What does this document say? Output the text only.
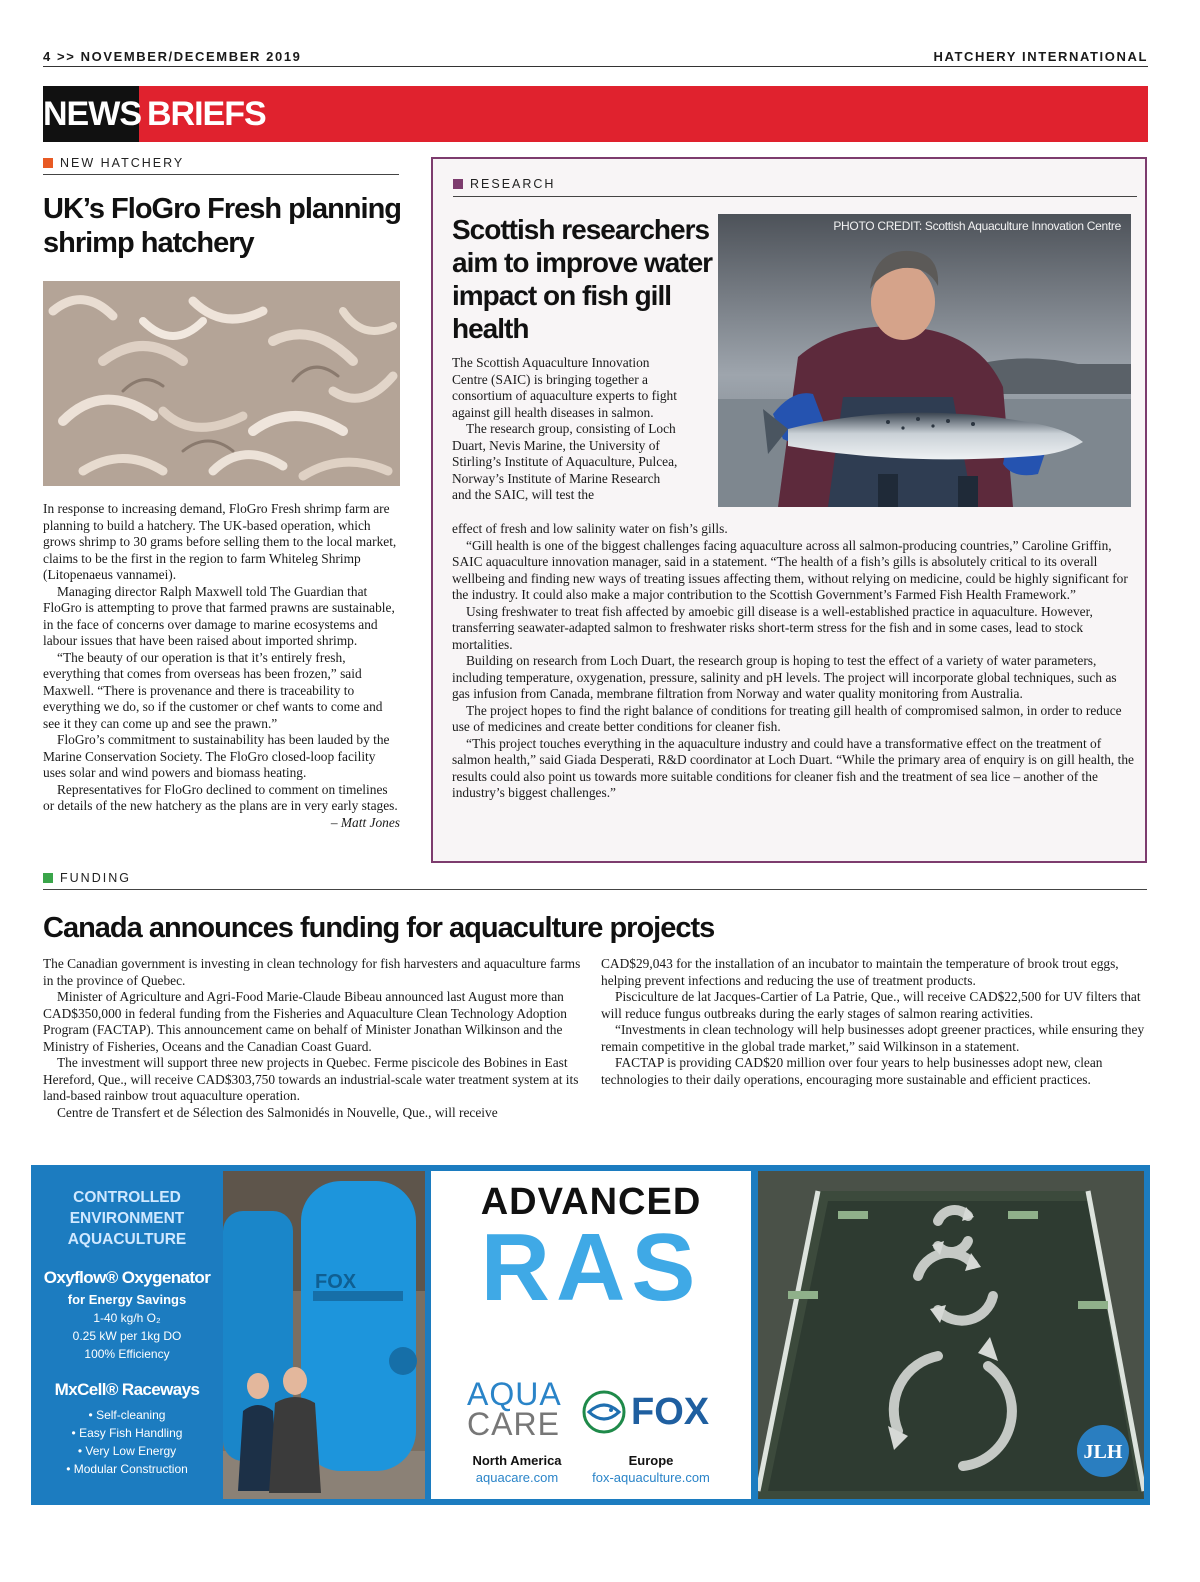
4 >> NOVEMBER/DECEMBER 2019	HATCHERY INTERNATIONAL
NEWS BRIEFS
NEW HATCHERY
UK’s FloGro Fresh planning
shrimp hatchery

In response to increasing demand, FloGro Fresh shrimp farm are planning to build a hatchery. The UK-based operation, which grows shrimp to 30 grams before selling them to the local market, claims to be the first in the region to farm Whiteleg Shrimp (Litopenaeus vannamei).

Managing director Ralph Maxwell told The Guardian that FloGro is attempting to prove that farmed prawns are sustainable, in the face of concerns over damage to marine ecosystems and labour issues that have been raised about imported shrimp.

“The beauty of our operation is that it’s entirely fresh, everything that comes from overseas has been frozen,” said Maxwell. “There is provenance and there is traceability to everything we do, so if the customer or chef wants to come and see it they can come up and see the prawn.”

FloGro’s commitment to sustainability has been lauded by the Marine Conservation Society. The FloGro closed-loop facility uses solar and wind powers and biomass heating.

Representatives for FloGro declined to comment on timelines or details of the new hatchery as the plans are in very early stages.

– Matt Jones

RESEARCH
Scottish researchers
aim to improve water
impact on fish gill
health
PHOTO CREDIT: Scottish Aquaculture Innovation Centre

The Scottish Aquaculture Innovation Centre (SAIC) is bringing together a consortium of aquaculture experts to fight against gill health diseases in salmon.

The research group, consisting of Loch Duart, Nevis Marine, the University of Stirling’s Institute of Aquaculture, Pulcea, Norway’s Institute of Marine Research and the SAIC, will test the

effect of fresh and low salinity water on fish’s gills.

“Gill health is one of the biggest challenges facing aquaculture across all salmon-producing countries,” Caroline Griffin, SAIC aquaculture innovation manager, said in a statement. “The health of a fish’s gills is absolutely critical to its overall wellbeing and finding new ways of treating issues affecting them, without relying on medicine, could be highly significant for the industry. It could also make a major contribution to the Scottish Government’s Farmed Fish Health Framework.”

Using freshwater to treat fish affected by amoebic gill disease is a well-established practice in aquaculture. However, transferring seawater-adapted salmon to freshwater risks short-term stress for the fish and in some cases, lead to stock mortalities.

Building on research from Loch Duart, the research group is hoping to test the effect of a variety of water parameters, including temperature, oxygenation, pressure, salinity and pH levels. The project will incorporate global techniques, such as gas infusion from Canada, membrane filtration from Norway and water quality monitoring from Australia.

The project hopes to find the right balance of conditions for treating gill health of compromised salmon, in order to reduce use of medicines and create better conditions for cleaner fish.

“This project touches everything in the aquaculture industry and could have a transformative effect on the treatment of salmon health,” said Giada Desperati, R&D coordinator at Loch Duart. “While the primary area of enquiry is on gill health, the results could also point us towards more suitable conditions for cleaner fish and the treatment of sea lice – another of the industry’s biggest challenges.”

FUNDING
Canada announces funding for aquaculture projects

The Canadian government is investing in clean technology for fish harvesters and aquaculture farms in the province of Quebec.

Minister of Agriculture and Agri-Food Marie-Claude Bibeau announced last August more than CAD$350,000 in federal funding from the Fisheries and Aquaculture Clean Technology Adoption Program (FACTAP). This announcement came on behalf of Minister Jonathan Wilkinson and the Ministry of Fisheries, Oceans and the Canadian Coast Guard.

The investment will support three new projects in Quebec. Ferme piscicole des Bobines in East Hereford, Que., will receive CAD$303,750 towards an industrial-scale water treatment system at its land-based rainbow trout aquaculture operation.

Centre de Transfert et de Sélection des Salmonidés in Nouvelle, Que., will receive

CAD$29,043 for the installation of an incubator to maintain the temperature of brook trout eggs, helping prevent infections and reducing the use of treatment products.

Pisciculture de lat Jacques-Cartier of La Patrie, Que., will receive CAD$22,500 for UV filters that will reduce fungus outbreaks during the early stages of salmon rearing activities.

“Investments in clean technology will help businesses adopt greener practices, while ensuring they remain competitive in the global trade market,” said Wilkinson in a statement.

FACTAP is providing CAD$20 million over four years to help businesses adopt new, clean technologies to their daily operations, encouraging more sustainable and efficient practices.

CONTROLLED
ENVIRONMENT
AQUACULTURE
Oxyflow® Oxygenator
for Energy Savings
1-40 kg/h O₂
0.25 kW per 1kg DO
100% Efficiency
MxCell® Raceways
• Self-cleaning
• Easy Fish Handling
• Very Low Energy
• Modular Construction
FOX
ADVANCED
RAS
AQUA
CARE FOX
North America
aquacare.com
Europe
fox-aquaculture.com
JLH
